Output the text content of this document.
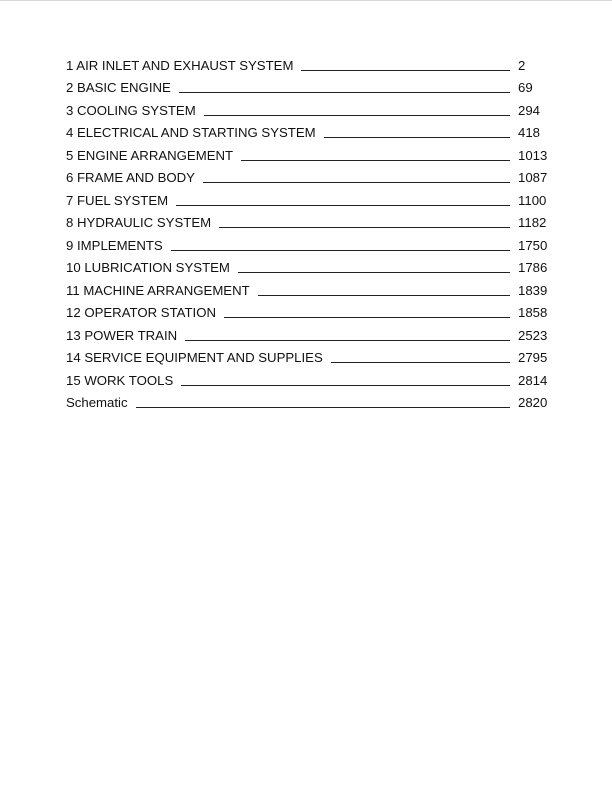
1 AIR INLET AND EXHAUST SYSTEM	2
2 BASIC ENGINE	69
3 COOLING SYSTEM	294
4 ELECTRICAL AND STARTING SYSTEM	418
5 ENGINE ARRANGEMENT	1013
6 FRAME AND BODY	1087
7 FUEL SYSTEM	1100
8 HYDRAULIC SYSTEM	1182
9 IMPLEMENTS	1750
10 LUBRICATION SYSTEM	1786
11 MACHINE ARRANGEMENT	1839
12 OPERATOR STATION	1858
13 POWER TRAIN	2523
14 SERVICE EQUIPMENT AND SUPPLIES	2795
15 WORK TOOLS	2814
Schematic	2820
